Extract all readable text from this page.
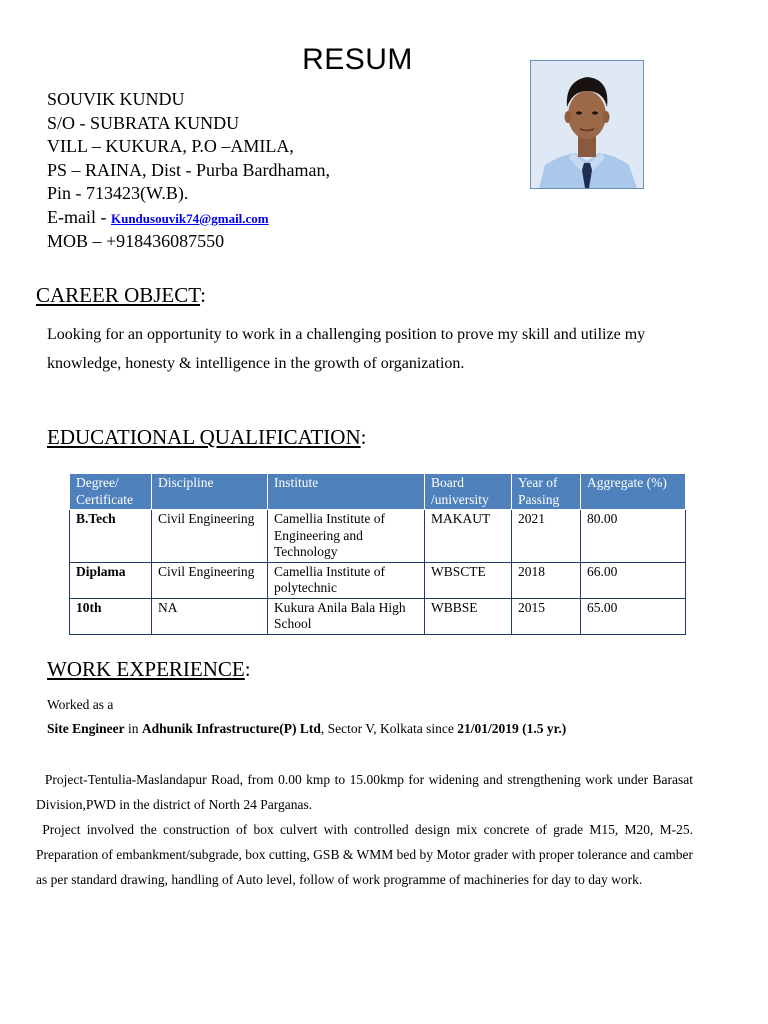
RESUM
SOUVIK KUNDU
S/O - SUBRATA KUNDU
VILL – KUKURA, P.O –AMILA,
PS – RAINA, Dist - Purba Bardhaman,
Pin - 713423(W.B).
E-mail - Kundusouvik74@gmail.com
MOB – +918436087550
CAREER OBJECT:
Looking for an opportunity to work in a challenging position to prove my skill and utilize my knowledge, honesty & intelligence in the growth of organization.
EDUCATIONAL QUALIFICATION:
Degree/ Certificate	Discipline	Institute	Board /university	Year of Passing	Aggregate (%)
B.Tech	Civil Engineering	Camellia Institute of Engineering and Technology	MAKAUT	2021	80.00
Diplama	Civil Engineering	Camellia Institute of polytechnic	WBSCTE	2018	66.00
10th	NA	Kukura Anila Bala High School	WBBSE	2015	65.00
WORK EXPERIENCE:
Worked as a
Site Engineer in Adhunik Infrastructure(P) Ltd, Sector V, Kolkata since 21/01/2019 (1.5 yr.)
Project-Tentulia-Maslandapur Road, from 0.00 kmp to 15.00kmp for widening and strengthening work under Barasat Division,PWD in the district of North 24 Parganas.
Project involved the construction of box culvert with controlled design mix concrete of grade M15, M20, M-25. Preparation of embankment/subgrade, box cutting, GSB & WMM bed by Motor grader with proper tolerance and camber as per standard drawing, handling of Auto level, follow of work programme of machineries for day to day work.
